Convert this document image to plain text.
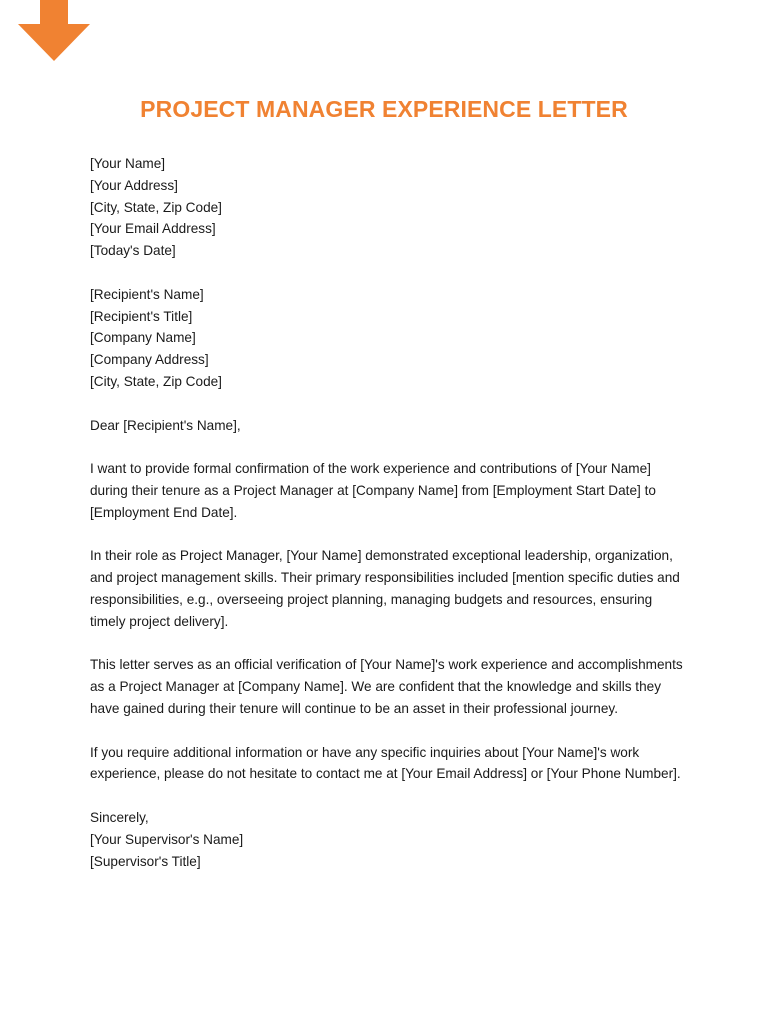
PROJECT MANAGER EXPERIENCE LETTER
[Your Name]
[Your Address]
[City, State, Zip Code]
[Your Email Address]
[Today's Date]
[Recipient's Name]
[Recipient's Title]
[Company Name]
[Company Address]
[City, State, Zip Code]
Dear [Recipient's Name],

I want to provide formal confirmation of the work experience and contributions of [Your Name] during their tenure as a Project Manager at [Company Name] from [Employment Start Date] to [Employment End Date].

In their role as Project Manager, [Your Name] demonstrated exceptional leadership, organization, and project management skills. Their primary responsibilities included [mention specific duties and responsibilities, e.g., overseeing project planning, managing budgets and resources, ensuring timely project delivery].

This letter serves as an official verification of [Your Name]'s work experience and accomplishments as a Project Manager at [Company Name]. We are confident that the knowledge and skills they have gained during their tenure will continue to be an asset in their professional journey.

If you require additional information or have any specific inquiries about [Your Name]'s work experience, please do not hesitate to contact me at [Your Email Address] or [Your Phone Number].

Sincerely,
[Your Supervisor's Name]
[Supervisor's Title]
